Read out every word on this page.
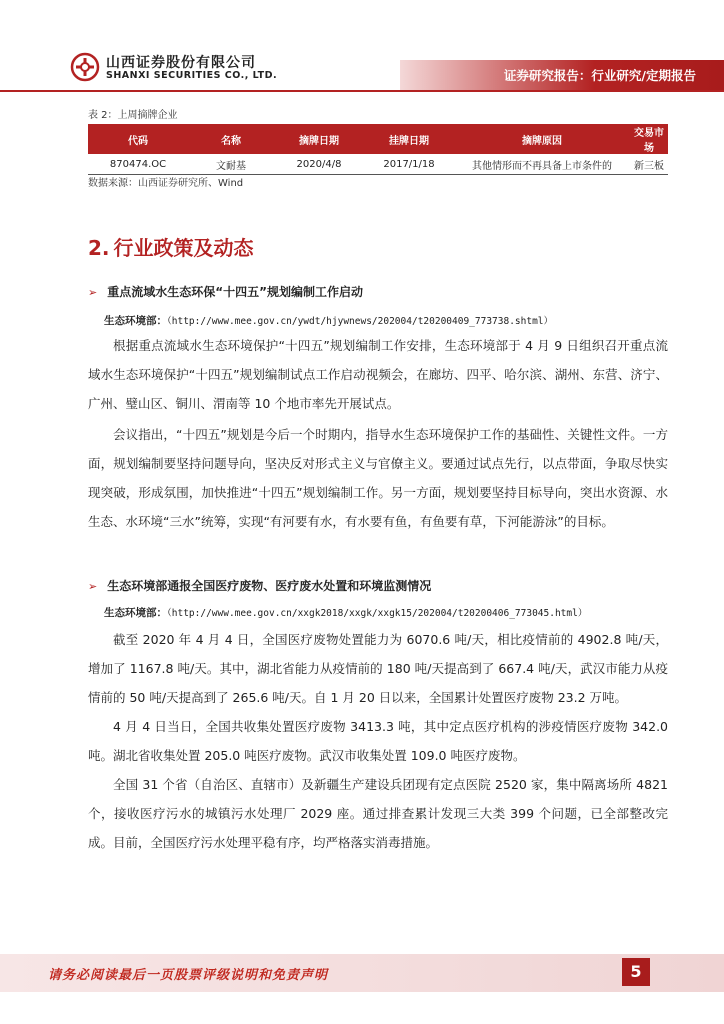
山西证券股份有限公司
SHANXI SECURITIES CO., LTD.	证券研究报告：行业研究/定期报告
表 2：上周摘牌企业
代码	名称	摘牌日期	挂牌日期	摘牌原因	交易市场
870474.OC	文耐基	2020/4/8	2017/1/18	其他情形而不再具备上市条件的	新三板
数据来源：山西证券研究所、Wind
2. 行业政策及动态
➢ 重点流域水生态环保“十四五”规划编制工作启动
生态环境部：（http://www.mee.gov.cn/ywdt/hjywnews/202004/t20200409_773738.shtml）

根据重点流域水生态环境保护“十四五”规划编制工作安排，生态环境部于 4 月 9 日组织召开重点流域水生态环境保护“十四五”规划编制试点工作启动视频会，在廊坊、四平、哈尔滨、湖州、东营、济宁、广州、璧山区、铜川、渭南等 10 个地市率先开展试点。

会议指出，“十四五”规划是今后一个时期内，指导水生态环境保护工作的基础性、关键性文件。一方面，规划编制要坚持问题导向，坚决反对形式主义与官僚主义。要通过试点先行，以点带面，争取尽快实现突破，形成氛围，加快推进“十四五”规划编制工作。另一方面，规划要坚持目标导向，突出水资源、水生态、水环境“三水”统筹，实现“有河要有水，有水要有鱼，有鱼要有草，下河能游泳”的目标。

➢ 生态环境部通报全国医疗废物、医疗废水处置和环境监测情况
生态环境部：（http://www.mee.gov.cn/xxgk2018/xxgk/xxgk15/202004/t20200406_773045.html）

截至 2020 年 4 月 4 日，全国医疗废物处置能力为 6070.6 吨/天，相比疫情前的 4902.8 吨/天，增加了 1167.8 吨/天。其中，湖北省能力从疫情前的 180 吨/天提高到了 667.4 吨/天，武汉市能力从疫情前的 50 吨/天提高到了 265.6 吨/天。自 1 月 20 日以来，全国累计处置医疗废物 23.2 万吨。

4 月 4 日当日，全国共收集处置医疗废物 3413.3 吨，其中定点医疗机构的涉疫情医疗废物 342.0 吨。湖北省收集处置 205.0 吨医疗废物。武汉市收集处置 109.0 吨医疗废物。

全国 31 个省（自治区、直辖市）及新疆生产建设兵团现有定点医院 2520 家，集中隔离场所 4821 个，接收医疗污水的城镇污水处理厂 2029 座。通过排查累计发现三大类 399 个问题，已全部整改完成。目前，全国医疗污水处理平稳有序，均严格落实消毒措施。

请务必阅读最后一页股票评级说明和免责声明	5
